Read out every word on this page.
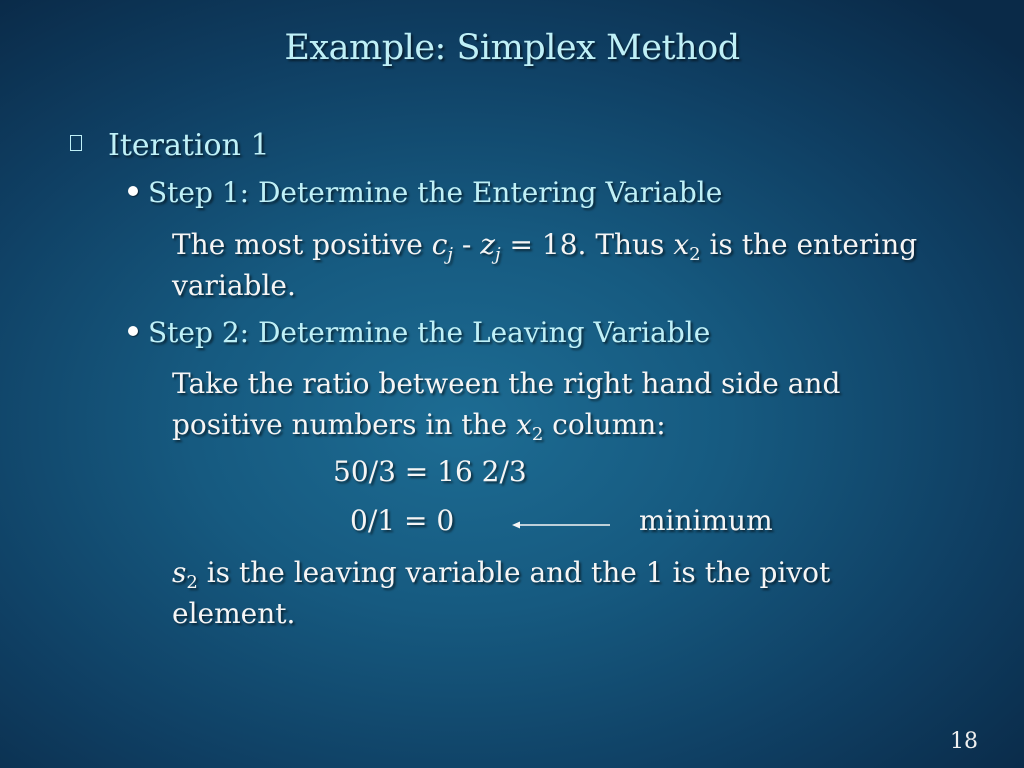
Example: Simplex Method
Iteration 1
Step 1: Determine the Entering Variable
The most positive $c_j - z_j = 18$. Thus $x_2$ is the entering
variable.
Step 2: Determine the Leaving Variable
Take the ratio between the right hand side and
positive numbers in the $x_2$ column:
50/3 = 16 2/3
0/1 = 0	minimum
$s_2$ is the leaving variable and the 1 is the pivot
element.
18
